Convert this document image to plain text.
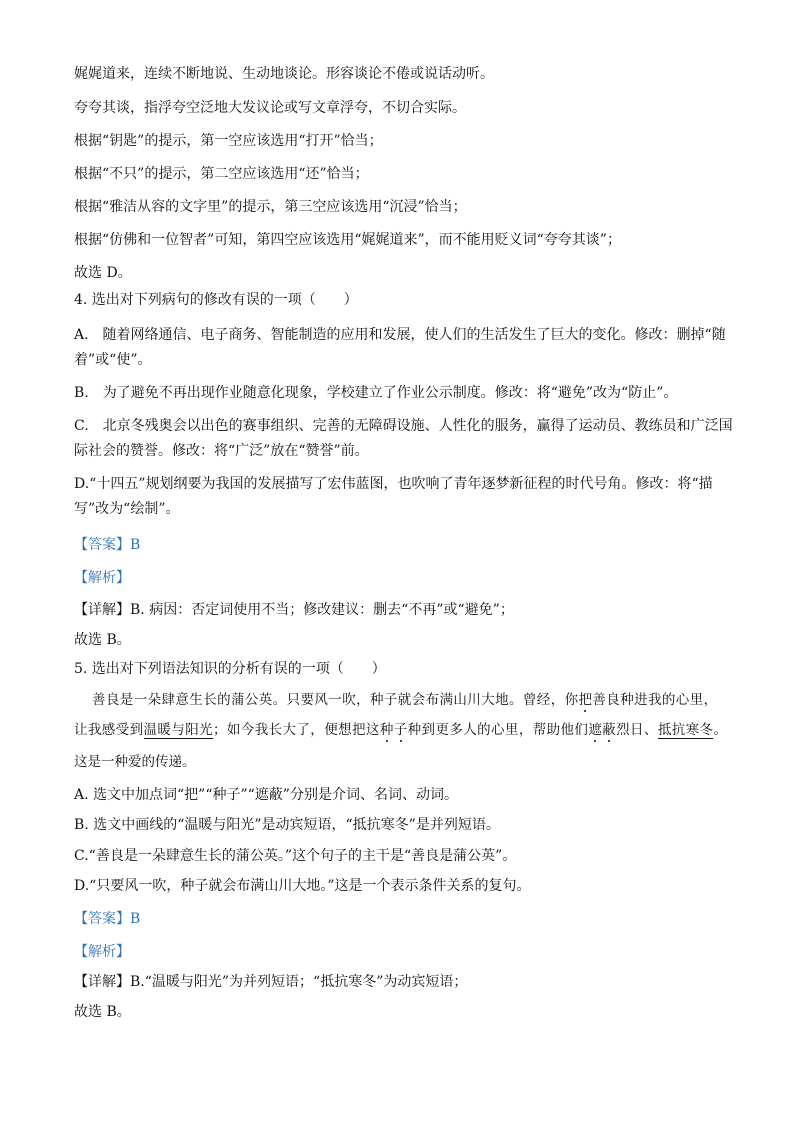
娓娓道来，连续不断地说、生动地谈论。形容谈论不倦或说话动听。
夸夸其谈，指浮夸空泛地大发议论或写文章浮夸，不切合实际。
根据“钥匙”的提示，第一空应该选用“打开”恰当；
根据“不只”的提示，第二空应该选用“还”恰当；
根据“雅洁从容的文字里”的提示，第三空应该选用“沉浸”恰当；
根据“仿佛和一位智者”可知，第四空应该选用“娓娓道来”，而不能用贬义词“夸夸其谈”；
故选 D。
4. 选出对下列病句的修改有误的一项（　　）
A.　随着网络通信、电子商务、智能制造的应用和发展，使人们的生活发生了巨大的变化。修改：删掉“随
着”或“使”。
B.　为了避免不再出现作业随意化现象，学校建立了作业公示制度。修改：将“避免”改为“防止”。
C.　北京冬残奥会以出色的赛事组织、完善的无障碍设施、人性化的服务，赢得了运动员、教练员和广泛国
际社会的赞誉。修改：将“广泛”放在“赞誉”前。
D.“十四五”规划纲要为我国的发展描写了宏伟蓝图，也吹响了青年逐梦新征程的时代号角。修改：将“描
写”改为“绘制”。
【答案】B
【解析】
【详解】B. 病因：否定词使用不当；修改建议：删去“不再”或“避免”；
故选 B。
5. 选出对下列语法知识的分析有误的一项（　　）
善良是一朵肆意生长的蒲公英。只要风一吹，种子就会布满山川大地。曾经，你把善良种进我的心里，
让我感受到温暖与阳光；如今我长大了，便想把这种子种到更多人的心里，帮助他们遮蔽烈日、抵抗寒冬。
这是一种爱的传递。
A. 选文中加点词“把”“种子”“遮蔽”分别是介词、名词、动词。
B. 选文中画线的“温暖与阳光”是动宾短语，“抵抗寒冬”是并列短语。
C.“善良是一朵肆意生长的蒲公英。”这个句子的主干是“善良是蒲公英”。
D.“只要风一吹，种子就会布满山川大地。”这是一个表示条件关系的复句。
【答案】B
【解析】
【详解】B.“温暖与阳光”为并列短语；“抵抗寒冬”为动宾短语；
故选 B。
